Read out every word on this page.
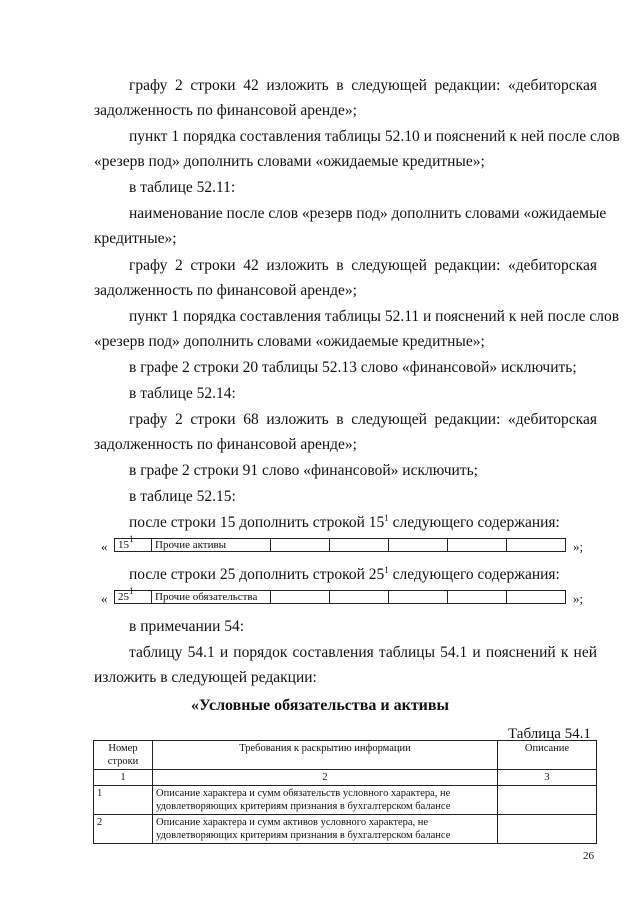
графу 2 строки 42 изложить в следующей редакции: «дебиторская
задолженность по финансовой аренде»;
пункт 1 порядка составления таблицы 52.10 и пояснений к ней после слов
«резерв под» дополнить словами «ожидаемые кредитные»;
в таблице 52.11:
наименование после слов «резерв под» дополнить словами «ожидаемые
кредитные»;
графу 2 строки 42 изложить в следующей редакции: «дебиторская
задолженность по финансовой аренде»;
пункт 1 порядка составления таблицы 52.11 и пояснений к ней после слов
«резерв под» дополнить словами «ожидаемые кредитные»;
в графе 2 строки 20 таблицы 52.13 слово «финансовой» исключить;
в таблице 52.14:
графу 2 строки 68 изложить в следующей редакции: «дебиторская
задолженность по финансовой аренде»;
в графе 2 строки 91 слово «финансовой» исключить;
в таблице 52.15:
после строки 15 дополнить строкой $15^1$ следующего содержания:
« $15^1$	Прочие активы						»;
после строки 25 дополнить строкой $25^1$ следующего содержания:
« $25^1$	Прочие обязательства						»;
в примечании 54:
таблицу 54.1 и порядок составления таблицы 54.1 и пояснений к ней
изложить в следующей редакции:
«Условные обязательства и активы
Таблица 54.1
Номер строки	Требования к раскрытию информации	Описание
1	2	3
1	Описание характера и сумм обязательств условного характера, не удовлетворяющих критериям признания в бухгалтерском балансе	
2	Описание характера и сумм активов условного характера, не удовлетворяющих критериям признания в бухгалтерском балансе	
26
